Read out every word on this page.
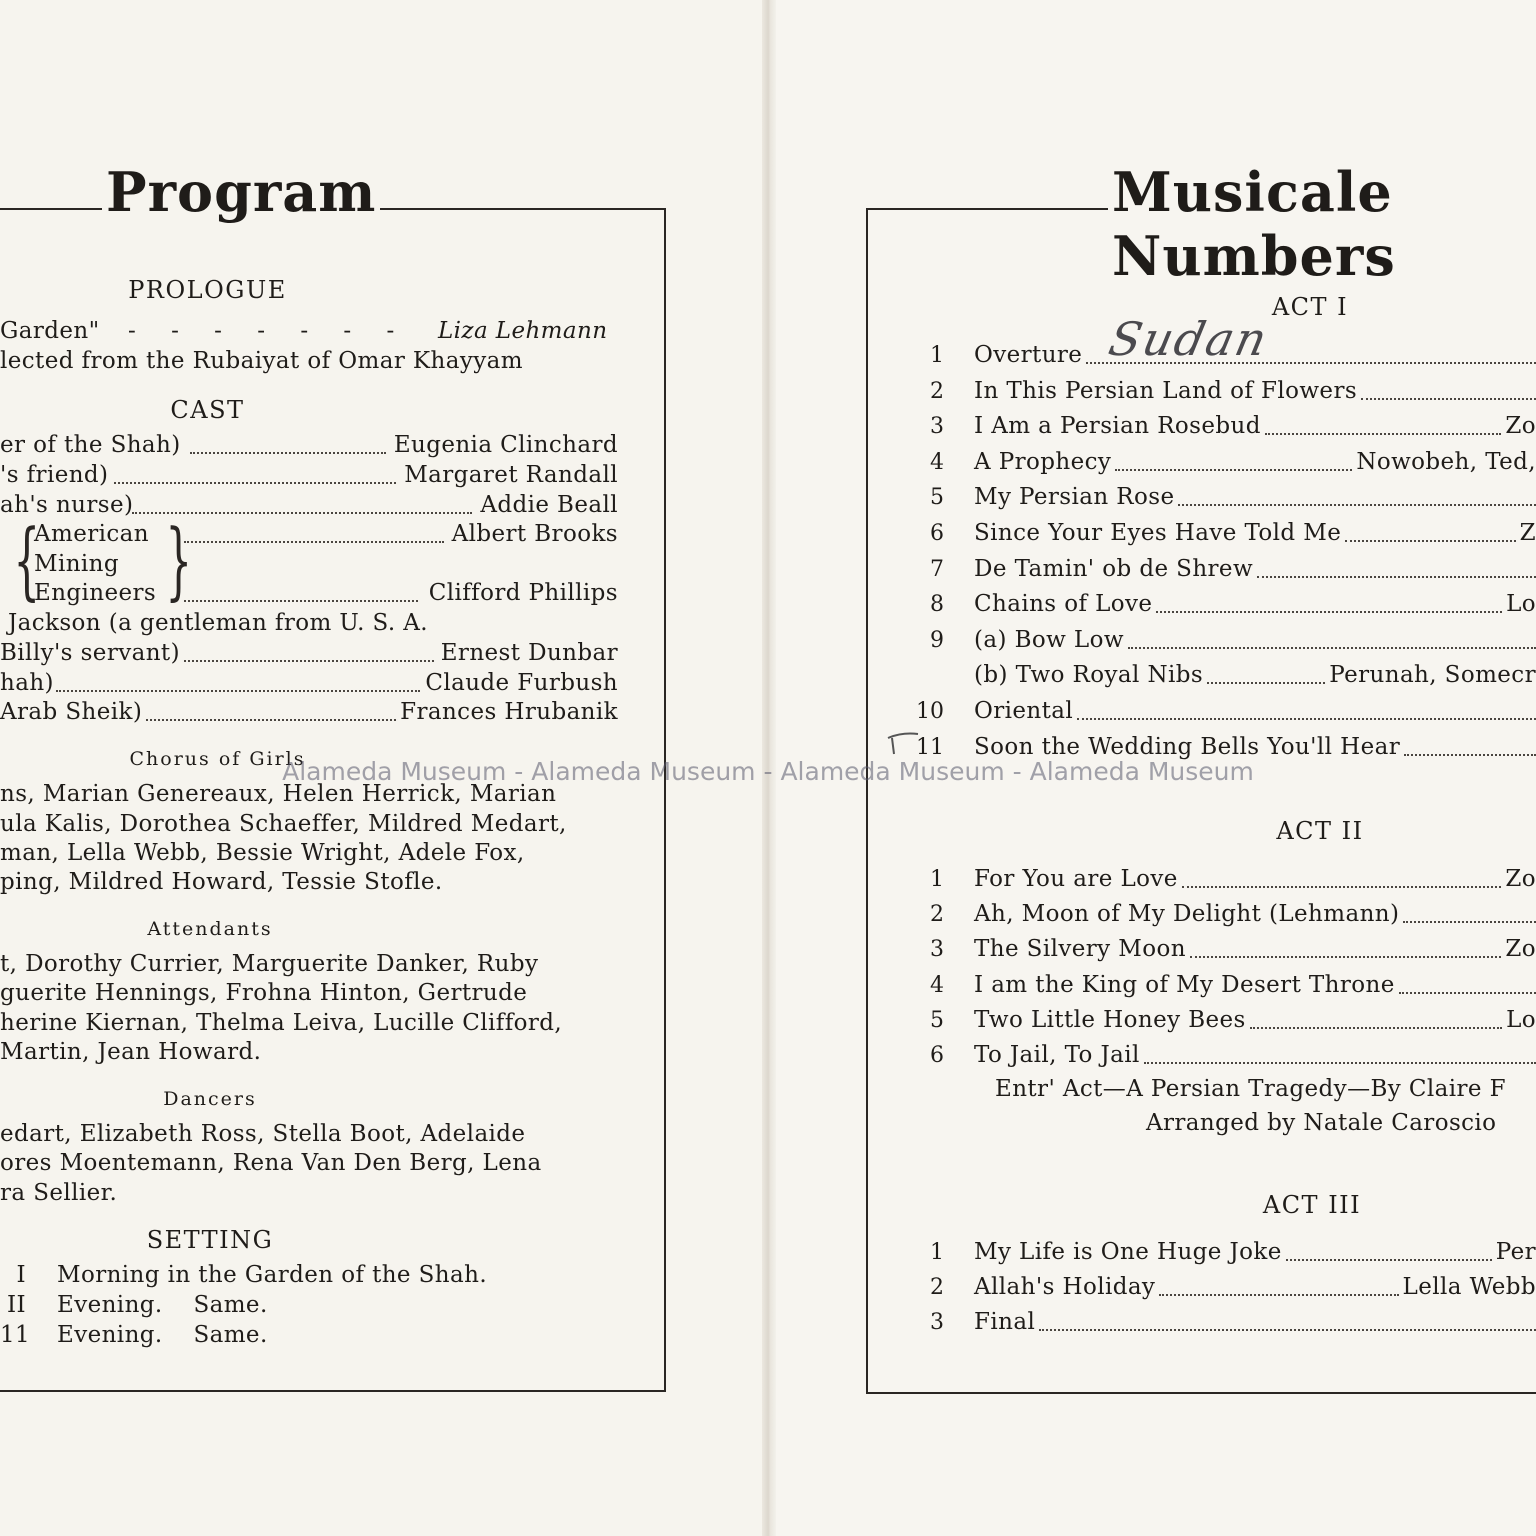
Program
PROLOGUE
Garden" - - - - - - - Liza Lehmann
lected from the Rubaiyat of Omar Khayyam
CAST
er of the Shah)	Eugenia Clinchard
's friend)	Margaret Randall
ah's nurse)	Addie Beall
{
American
Mining
Engineers }	Albert Brooks
Clifford Phillips
Jackson (a gentleman from U. S. A.
Billy's servant)	Ernest Dunbar
hah)	Claude Furbush
Arab Sheik)	Frances Hrubanik
Chorus of Girls
ns, Marian Genereaux, Helen Herrick, Marian
ula Kalis, Dorothea Schaeffer, Mildred Medart,
man, Lella Webb, Bessie Wright, Adele Fox,
ping, Mildred Howard, Tessie Stofle.
Attendants
t, Dorothy Currier, Marguerite Danker, Ruby
guerite Hennings, Frohna Hinton, Gertrude
herine Kiernan, Thelma Leiva, Lucille Clifford,
Martin, Jean Howard.
Dancers
edart, Elizabeth Ross, Stella Boot, Adelaide
ores Moentemann, Rena Van Den Berg, Lena
ra Sellier.
SETTING
I Morning in the Garden of the Shah.
II Evening.    Same.
11 Evening.    Same.
Musicale Numbers
ACT I
Sudan
1 Overture
2 In This Persian Land of Flowers
3 I Am a Persian Rosebud	Zo
4 A Prophecy	Nowobeh, Ted,
5 My Persian Rose
6 Since Your Eyes Have Told Me	Z
7 De Tamin' ob de Shrew
8 Chains of Love	Lo
9 (a) Bow Low
(b) Two Royal Nibs	Perunah, Somecr
10 Oriental
11 Soon the Wedding Bells You'll Hear
ACT II
1 For You are Love	Zo
2 Ah, Moon of My Delight (Lehmann)
3 The Silvery Moon	Zo
4 I am the King of My Desert Throne
5 Two Little Honey Bees	Lo
6 To Jail, To Jail
Entr' Act—A Persian Tragedy—By Claire F
Arranged by Natale Caroscio
ACT III
1 My Life is One Huge Joke	Per
2 Allah's Holiday	Lella Webb
3 Final
Alameda Museum - Alameda Museum - Alameda Museum - Alameda Museum
